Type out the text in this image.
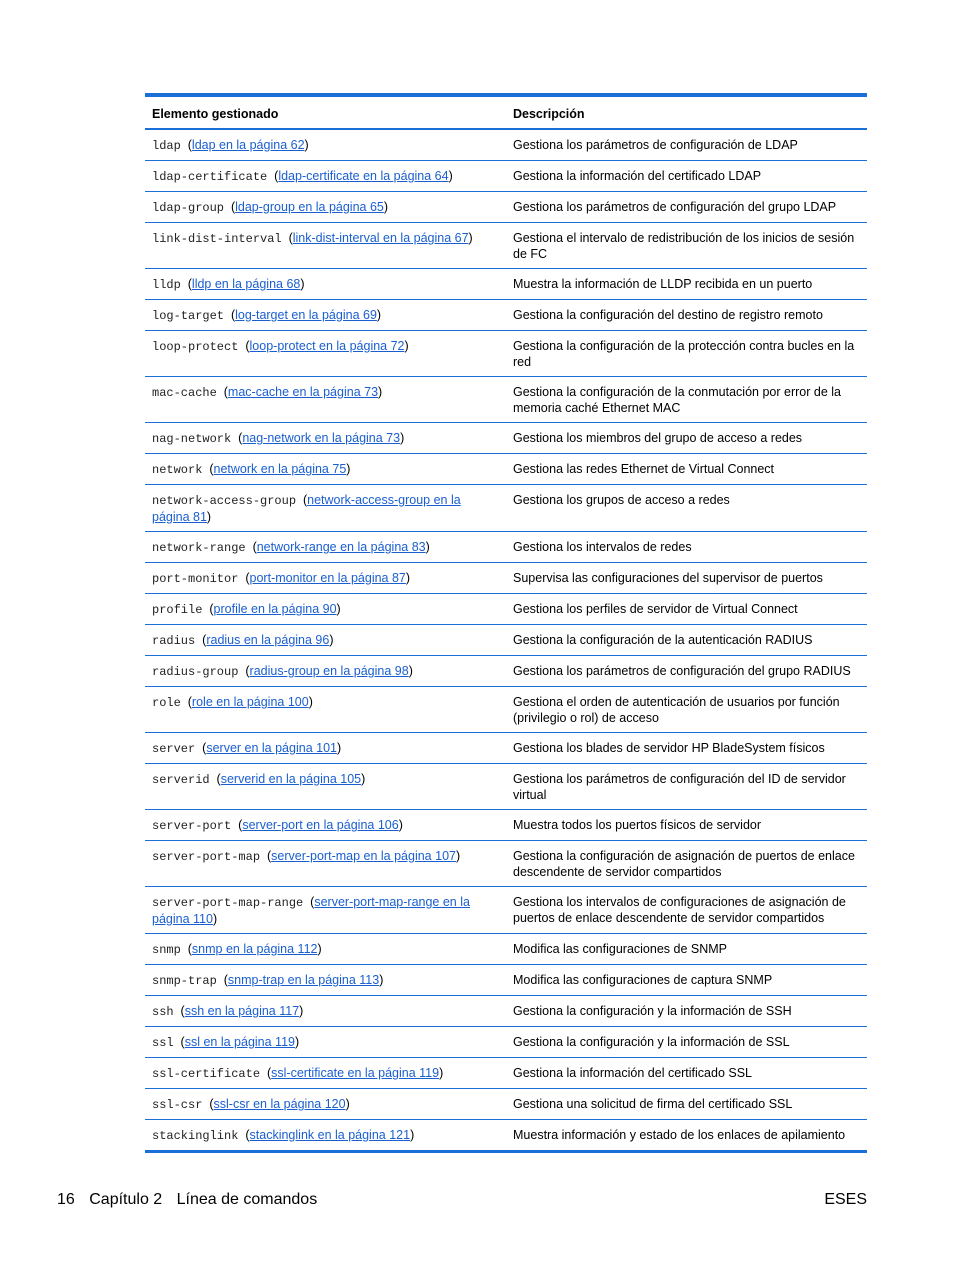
Elemento gestionado	Descripción
ldap  (ldap en la página 62)	Gestiona los parámetros de configuración de LDAP
ldap-certificate  (ldap-certificate en la página 64)	Gestiona la información del certificado LDAP
ldap-group  (ldap-group en la página 65)	Gestiona los parámetros de configuración del grupo LDAP
link-dist-interval  (link-dist-interval en la página 67)	Gestiona el intervalo de redistribución de los inicios de sesión de FC
lldp  (lldp en la página 68)	Muestra la información de LLDP recibida en un puerto
log-target  (log-target en la página 69)	Gestiona la configuración del destino de registro remoto
loop-protect  (loop-protect en la página 72)	Gestiona la configuración de la protección contra bucles en la red
mac-cache  (mac-cache en la página 73)	Gestiona la configuración de la conmutación por error de la memoria caché Ethernet MAC
nag-network  (nag-network en la página 73)	Gestiona los miembros del grupo de acceso a redes
network  (network en la página 75)	Gestiona las redes Ethernet de Virtual Connect
network-access-group  (network-access-group en la página 81)	Gestiona los grupos de acceso a redes
network-range  (network-range en la página 83)	Gestiona los intervalos de redes
port-monitor  (port-monitor en la página 87)	Supervisa las configuraciones del supervisor de puertos
profile  (profile en la página 90)	Gestiona los perfiles de servidor de Virtual Connect
radius  (radius en la página 96)	Gestiona la configuración de la autenticación RADIUS
radius-group  (radius-group en la página 98)	Gestiona los parámetros de configuración del grupo RADIUS
role  (role en la página 100)	Gestiona el orden de autenticación de usuarios por función (privilegio o rol) de acceso
server  (server en la página 101)	Gestiona los blades de servidor HP BladeSystem físicos
serverid  (serverid en la página 105)	Gestiona los parámetros de configuración del ID de servidor virtual
server-port  (server-port en la página 106)	Muestra todos los puertos físicos de servidor
server-port-map  (server-port-map en la página 107)	Gestiona la configuración de asignación de puertos de enlace descendente de servidor compartidos
server-port-map-range  (server-port-map-range en la página 110)	Gestiona los intervalos de configuraciones de asignación de puertos de enlace descendente de servidor compartidos
snmp  (snmp en la página 112)	Modifica las configuraciones de SNMP
snmp-trap  (snmp-trap en la página 113)	Modifica las configuraciones de captura SNMP
ssh  (ssh en la página 117)	Gestiona la configuración y la información de SSH
ssl  (ssl en la página 119)	Gestiona la configuración y la información de SSL
ssl-certificate  (ssl-certificate en la página 119)	Gestiona la información del certificado SSL
ssl-csr  (ssl-csr en la página 120)	Gestiona una solicitud de firma del certificado SSL
stackinglink  (stackinglink en la página 121)	Muestra información y estado de los enlaces de apilamiento
16 Capítulo 2 Línea de comandos	ESES
